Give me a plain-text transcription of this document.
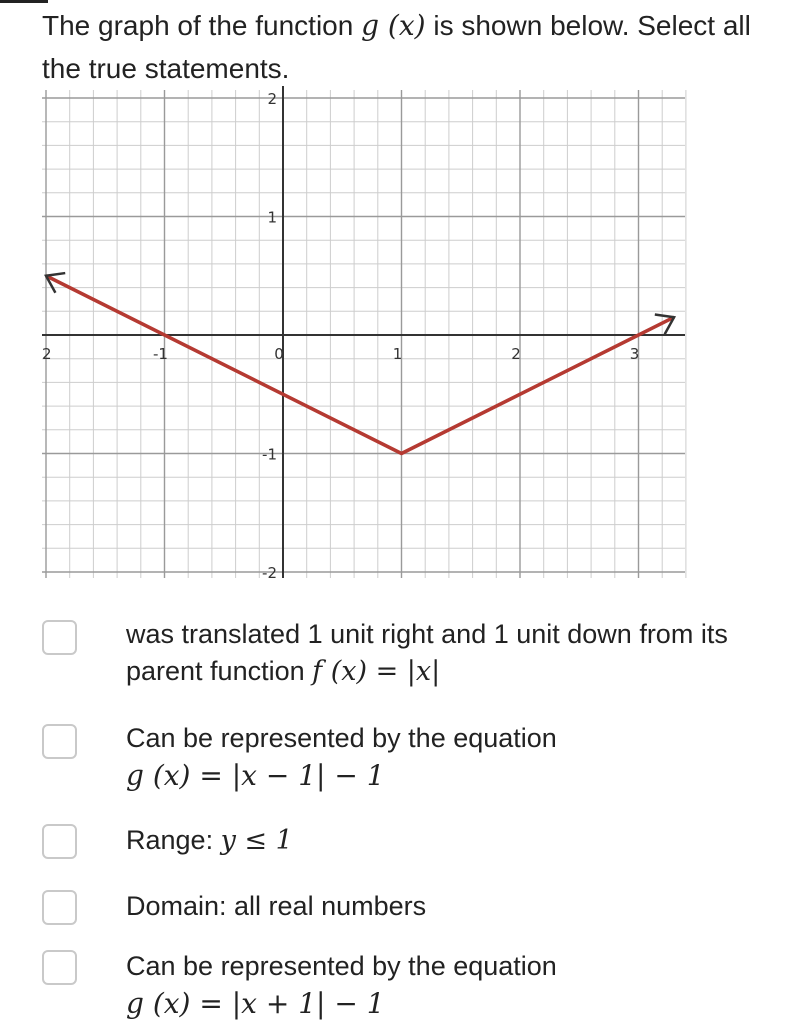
The graph of the function g (x) is shown below. Select all the true statements.

2	-1	0	1	2	3
2
1
-1
-2
was translated 1 unit right and 1 unit down from its parent function f (x) = |x|
Can be represented by the equation
g (x) = |x − 1| − 1
Range: y ≤ 1
Domain: all real numbers
Can be represented by the equation
g (x) = |x + 1| − 1
